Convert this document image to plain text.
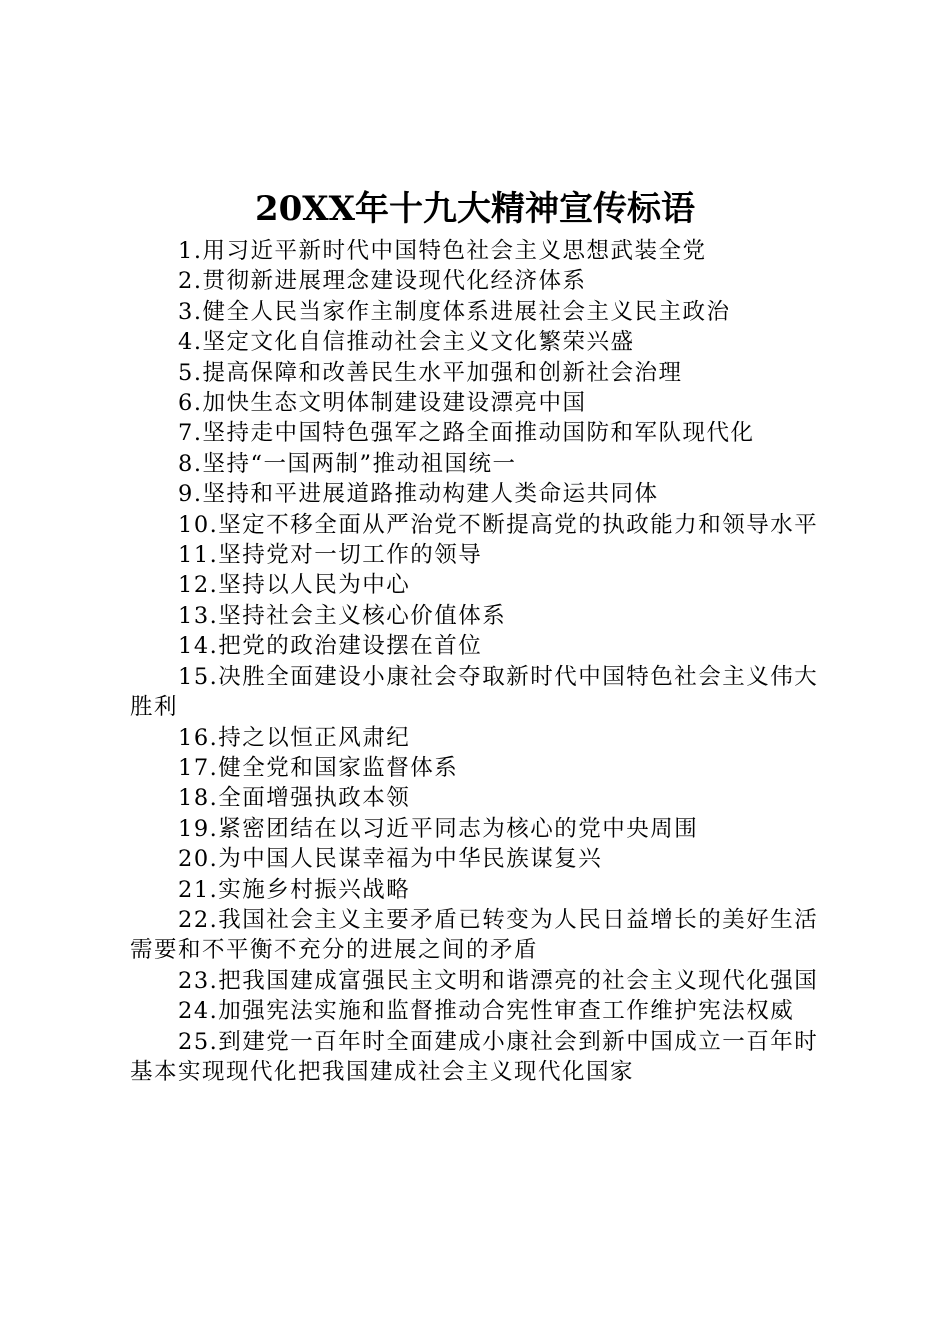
20XX年十九大精神宣传标语

1.用习近平新时代中国特色社会主义思想武装全党

2.贯彻新进展理念建设现代化经济体系

3.健全人民当家作主制度体系进展社会主义民主政治

4.坚定文化自信推动社会主义文化繁荣兴盛

5.提高保障和改善民生水平加强和创新社会治理

6.加快生态文明体制建设建设漂亮中国

7.坚持走中国特色强军之路全面推动国防和军队现代化

8.坚持“一国两制”推动祖国统一

9.坚持和平进展道路推动构建人类命运共同体

10.坚定不移全面从严治党不断提高党的执政能力和领导水平

11.坚持党对一切工作的领导

12.坚持以人民为中心

13.坚持社会主义核心价值体系

14.把党的政治建设摆在首位

15.决胜全面建设小康社会夺取新时代中国特色社会主义伟大胜利

16.持之以恒正风肃纪

17.健全党和国家监督体系

18.全面增强执政本领

19.紧密团结在以习近平同志为核心的党中央周围

20.为中国人民谋幸福为中华民族谋复兴

21.实施乡村振兴战略

22.我国社会主义主要矛盾已转变为人民日益增长的美好生活需要和不平衡不充分的进展之间的矛盾

23.把我国建成富强民主文明和谐漂亮的社会主义现代化强国

24.加强宪法实施和监督推动合宪性审查工作维护宪法权威

25.到建党一百年时全面建成小康社会到新中国成立一百年时基本实现现代化把我国建成社会主义现代化国家
